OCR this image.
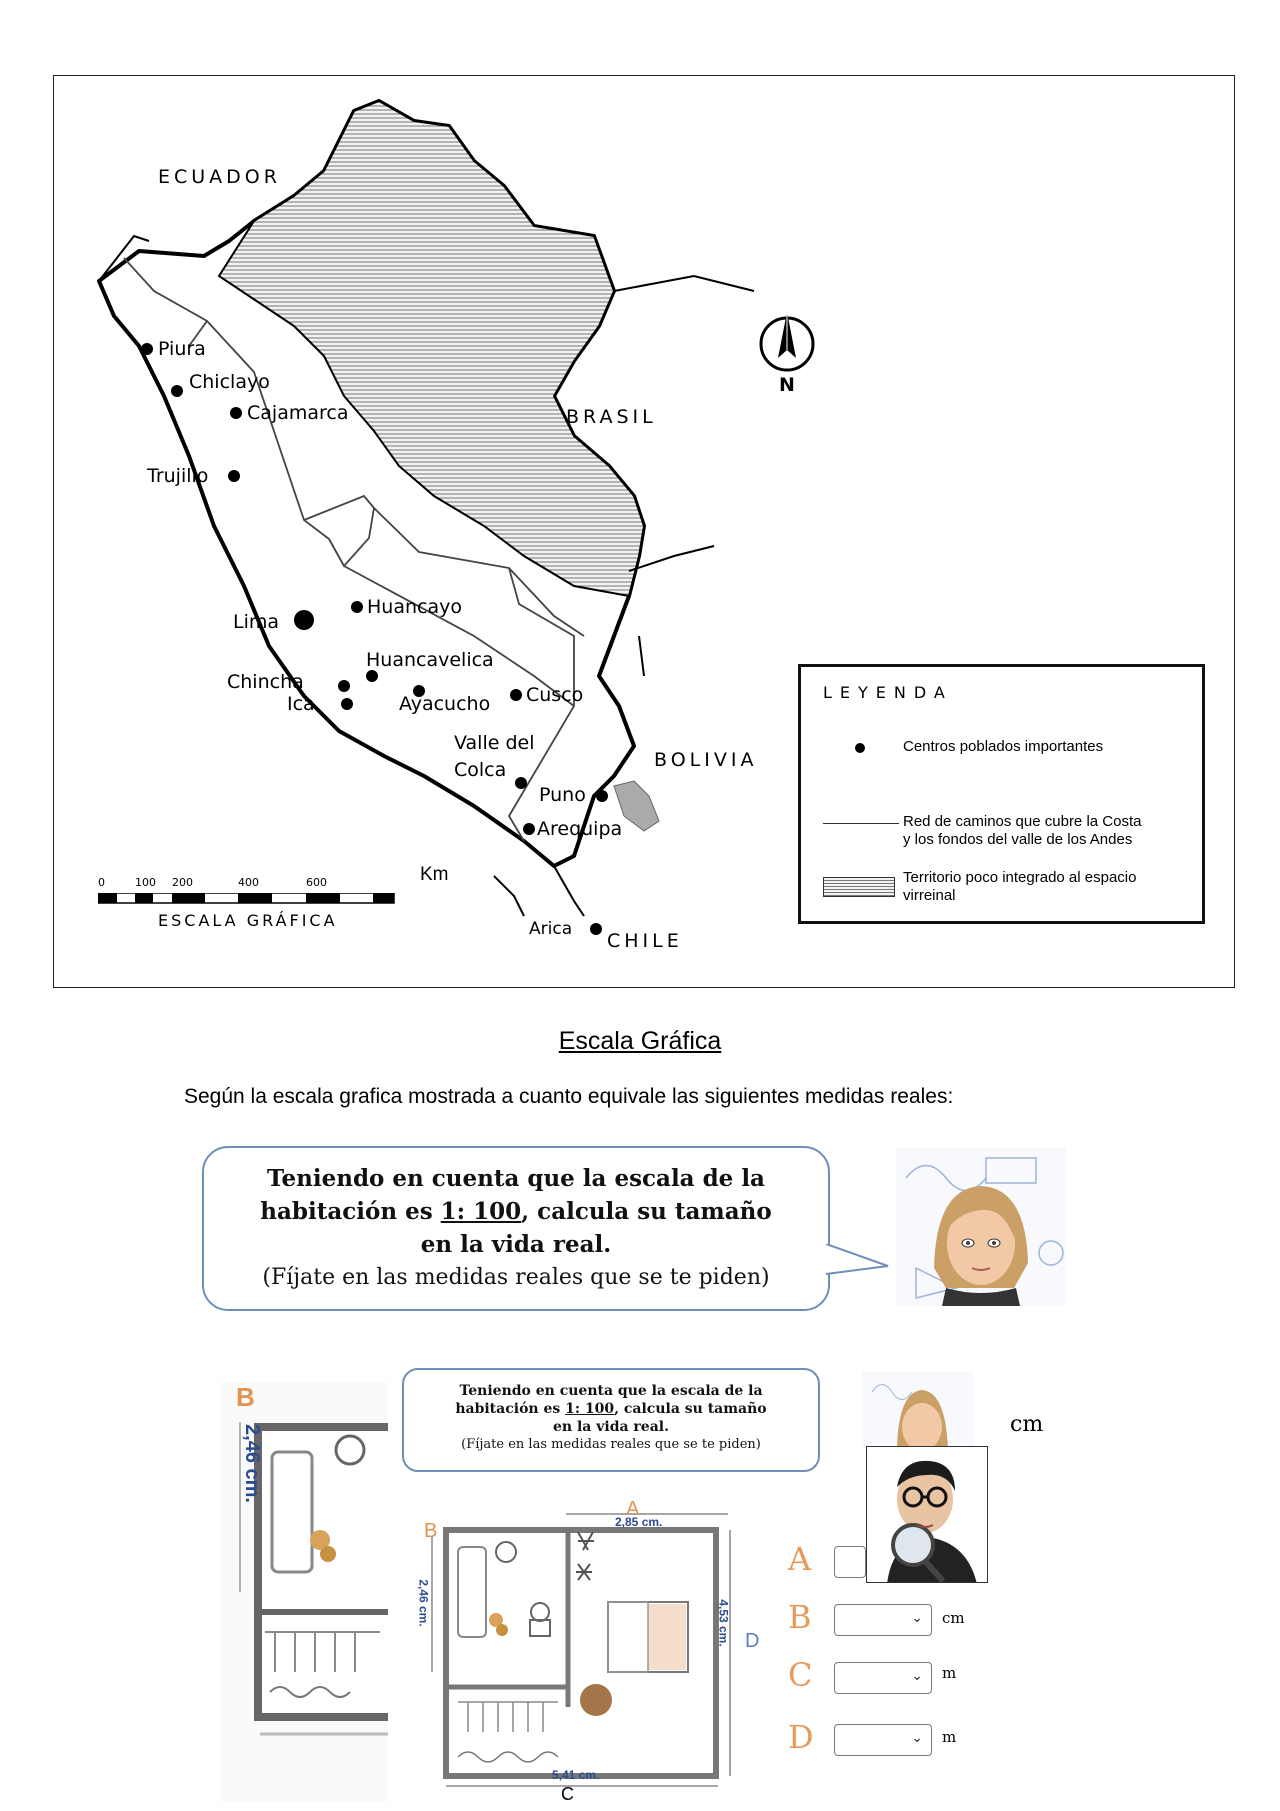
ECUADOR
BRASIL
BOLIVIA
CHILE
N
Piura
Chiclayo
Cajamarca
Trujillo
Lima
Huancayo
Huancavelica
Chincha
Ica	Ayacucho Cusco
Valle del
Colca
Puno
Arequipa
Arica
LEYENDA
Centros poblados importantes
Red de caminos que cubre la Costa
y los fondos del valle de los Andes
Territorio poco integrado al espacio
virreinal
0	100 200	400	600	Km
ESCALA GRÁFICA
Escala Gráfica
Según la escala grafica mostrada a cuanto equivale las siguientes medidas reales:
Teniendo en cuenta que la escala de la
habitación es 1: 100, calcula su tamaño
en la vida real.
(Fíjate en las medidas reales que se te piden)
2,46 cm.
B	Teniendo en cuenta que la escala de la
habitación es 1: 100, calcula su tamaño
en la vida real.
(Fíjate en las medidas reales que se te piden)
cm
A
2,85 cm.
B
2,46 cm.
D
4,53 cm.
5,41 cm.
C
A
B	⌄ cm
C	⌄ m
D	⌄ m
